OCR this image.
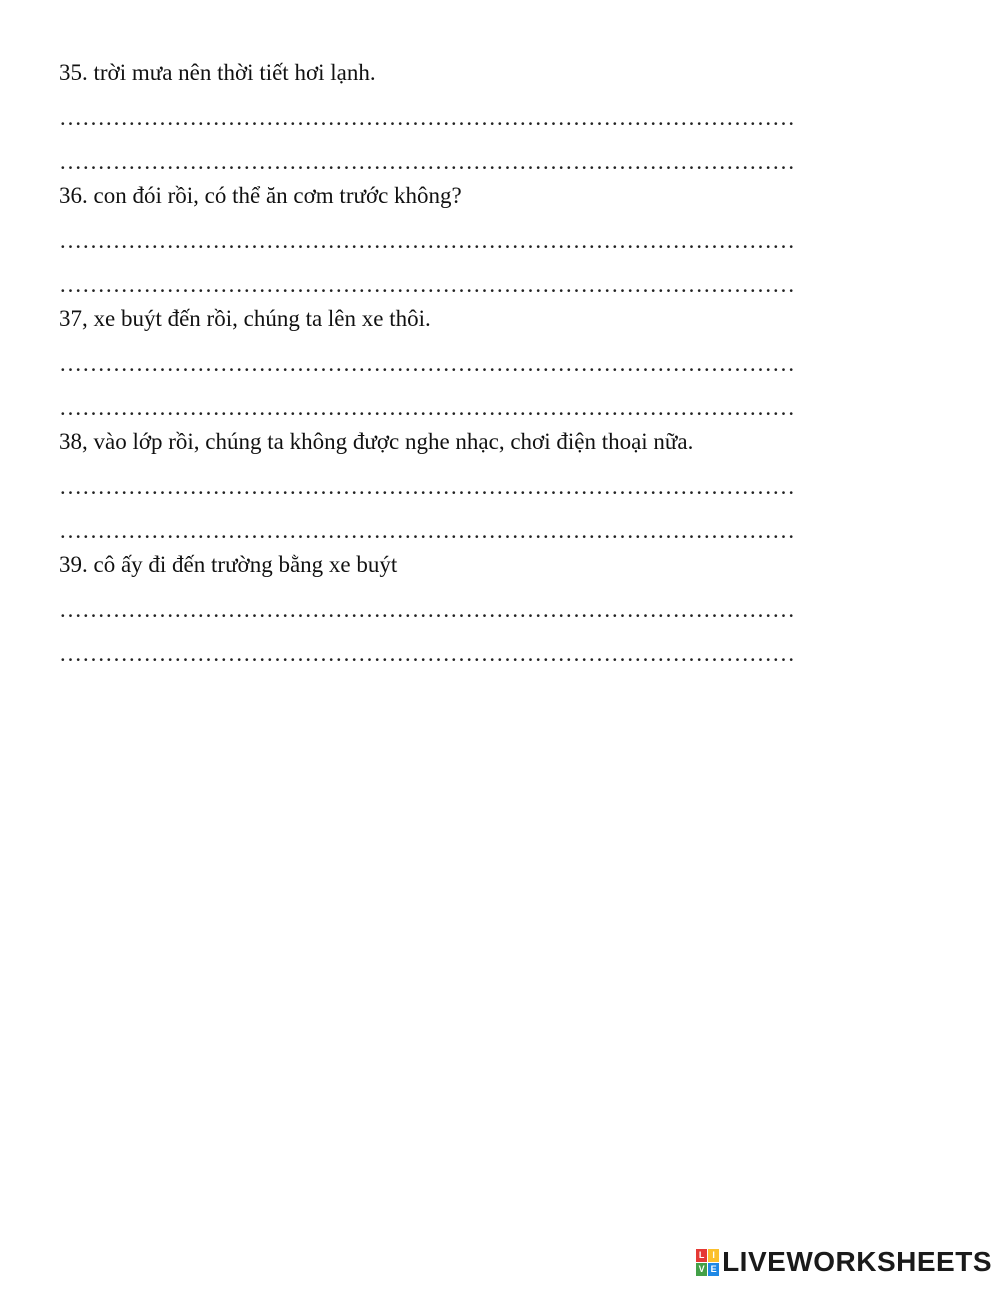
35. trời mưa nên thời tiết hơi lạnh.
……………………………………………………………………………………
……………………………………………………………………………………
36. con đói rồi, có thể ăn cơm trước không?
……………………………………………………………………………………
……………………………………………………………………………………
37, xe buýt đến rồi, chúng ta lên xe thôi.
……………………………………………………………………………………
……………………………………………………………………………………
38, vào lớp rồi, chúng ta không được nghe nhạc, chơi điện thoại nữa.
……………………………………………………………………………………
……………………………………………………………………………………
39. cô ấy đi đến trường bằng xe buýt
……………………………………………………………………………………
……………………………………………………………………………………
L I
V E LIVEWORKSHEETS
